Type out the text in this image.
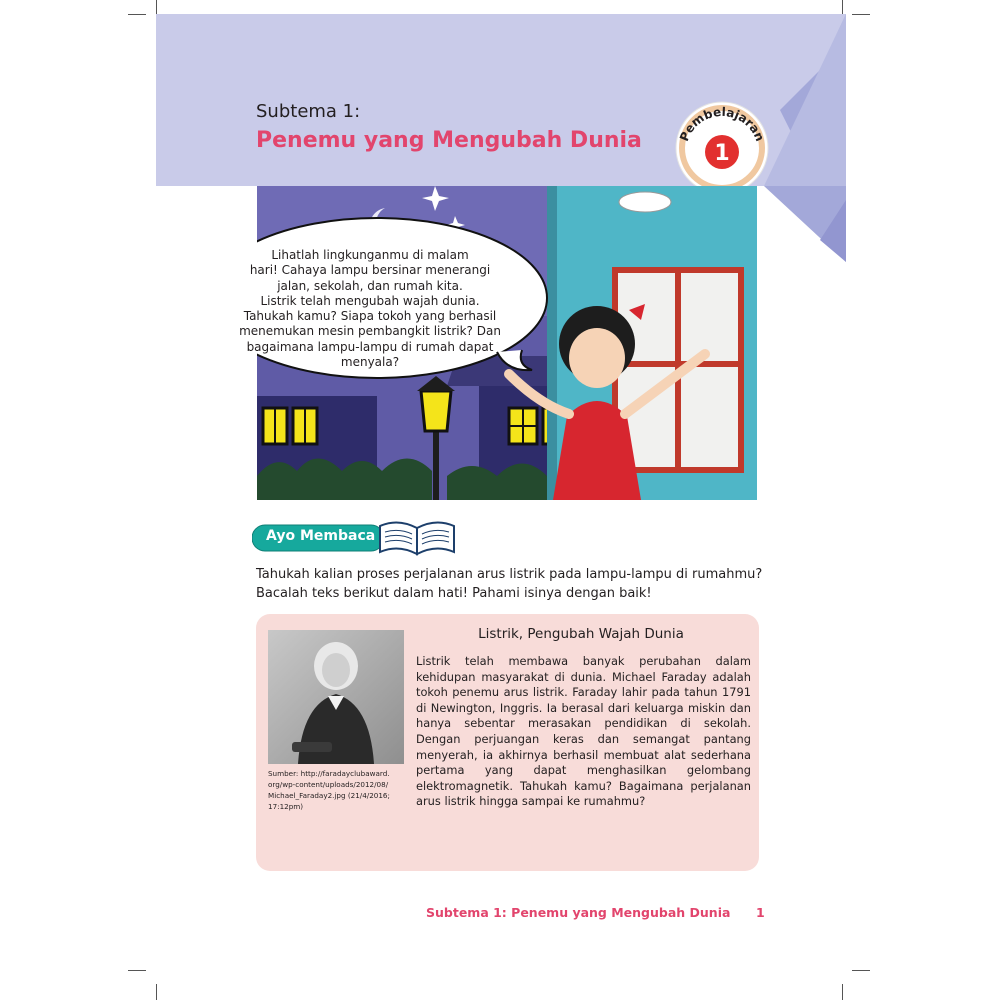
Subtema 1:
Penemu yang Mengubah Dunia	Pembelajaran
1
Lihatlah lingkunganmu di malam
hari! Cahaya lampu bersinar menerangi
jalan, sekolah, dan rumah kita.
Listrik telah mengubah wajah dunia.
Tahukah kamu? Siapa tokoh yang berhasil
menemukan mesin pembangkit listrik? Dan
bagaimana lampu-lampu di rumah dapat
menyala?
Ayo Membaca

Tahukah kalian proses perjalanan arus listrik pada lampu-lampu di rumahmu?

Bacalah teks berikut dalam hati! Pahami isinya dengan baik!

Sumber: http://faradayclubaward.
org/wp-content/uploads/2012/08/
Michael_Faraday2.jpg (21/4/2016;
17:12pm)
Listrik, Pengubah Wajah Dunia
Listrik telah membawa banyak perubahan dalam kehidupan masyarakat di dunia. Michael Faraday adalah tokoh penemu arus listrik. Faraday lahir pada tahun 1791 di Newington, Inggris. Ia berasal dari keluarga miskin dan hanya sebentar merasakan pendidikan di sekolah. Dengan perjuangan keras dan semangat pantang menyerah, ia akhirnya berhasil membuat alat sederhana pertama yang dapat menghasilkan gelombang elektromagnetik. Tahukah kamu? Bagaimana perjalanan arus listrik hingga sampai ke rumahmu?
Subtema 1: Penemu yang Mengubah Dunia 1
